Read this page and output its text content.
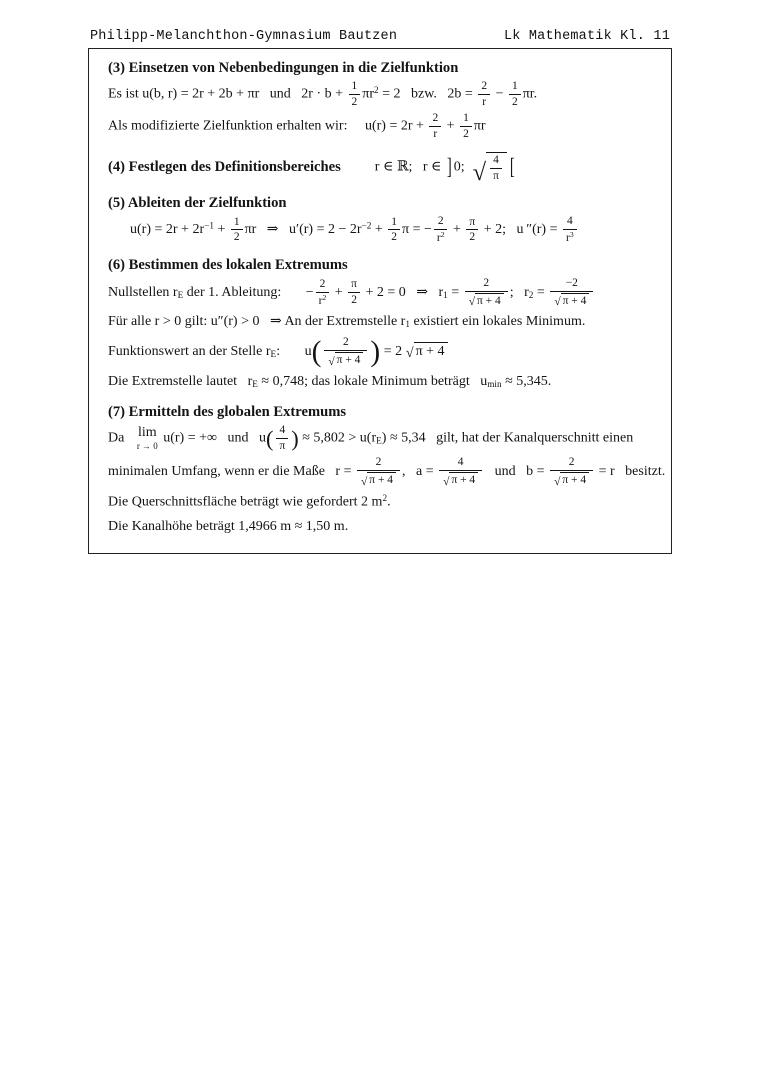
Philipp-Melanchthon-Gymnasium Bautzen	Lk Mathematik Kl. 11
(3) Einsetzen von Nebenbedingungen in die Zielfunktion
Es ist u(b, r) = 2r + 2b + πr  und  $2r \cdot b + \frac{1}{2} \pi r^2 = 2$  bzw.  $2b = \frac{2}{r} - \frac{1}{2} \pi r$.
Als modifizierte Zielfunktion erhalten wir:  $u(r) = 2r + \frac{2}{r} + \frac{1}{2}$ πr
(4) Festlegen des Definitionsbereiches r ∈ ℝ;  r ∈ ] 0;  √ $\frac{4}{\pi}$ [
(5) Ableiten der Zielfunktion
$u(r) = 2r + 2r^{-1} + \frac{1}{2}$ πr  ⇒  $u'(r) = 2 - 2r^{-2} + \frac{1}{2}$ π = − $\frac{2}{r^2} + \frac{\pi}{2} + 2$;  u $''(r) = \frac{4}{r^3}$
(6) Bestimmen des lokalen Extremums
Nullstellen rE der 1. Ableitung:   − $\frac{2}{r^2} + \frac{\pi}{2} + 2 = 0$  ⇒  $r1 = \frac{2}{√ \pi + 4}$ ;  $r2 = \frac{-2}{√ \pi + 4}$
Für alle r > 0 gilt: u″(r) > 0  ⇒ An der Extremstelle r1 existiert ein lokales Minimum.
Funktionswert an der Stelle rE:   u ( $\frac{2}{√ \pi + 4}$ ) = 2  √ π + 4
Die Extremstelle lautet  rE ≈ 0,748; das lokale Minimum beträgt  umin ≈ 5,345.
(7) Ermitteln des globalen Extremums
Da  lim
r → 0
u(r) = +∞  und  u ( $\frac{4}{\pi}$ ) ≈ 5,802 > u(rE) ≈ 5,34  gilt, hat der Kanalquerschnitt einen
minimalen Umfang, wenn er die Maße  $r = \frac{2}{√ \pi + 4}$ ,  $a = \frac{4}{√ \pi + 4}$   und  $b = \frac{2}{√ \pi + 4} = r$  besitzt.
Die Querschnittsfläche beträgt wie gefordert 2 $m^2$.
Die Kanalhöhe beträgt 1,4966 m ≈ 1,50 m.
